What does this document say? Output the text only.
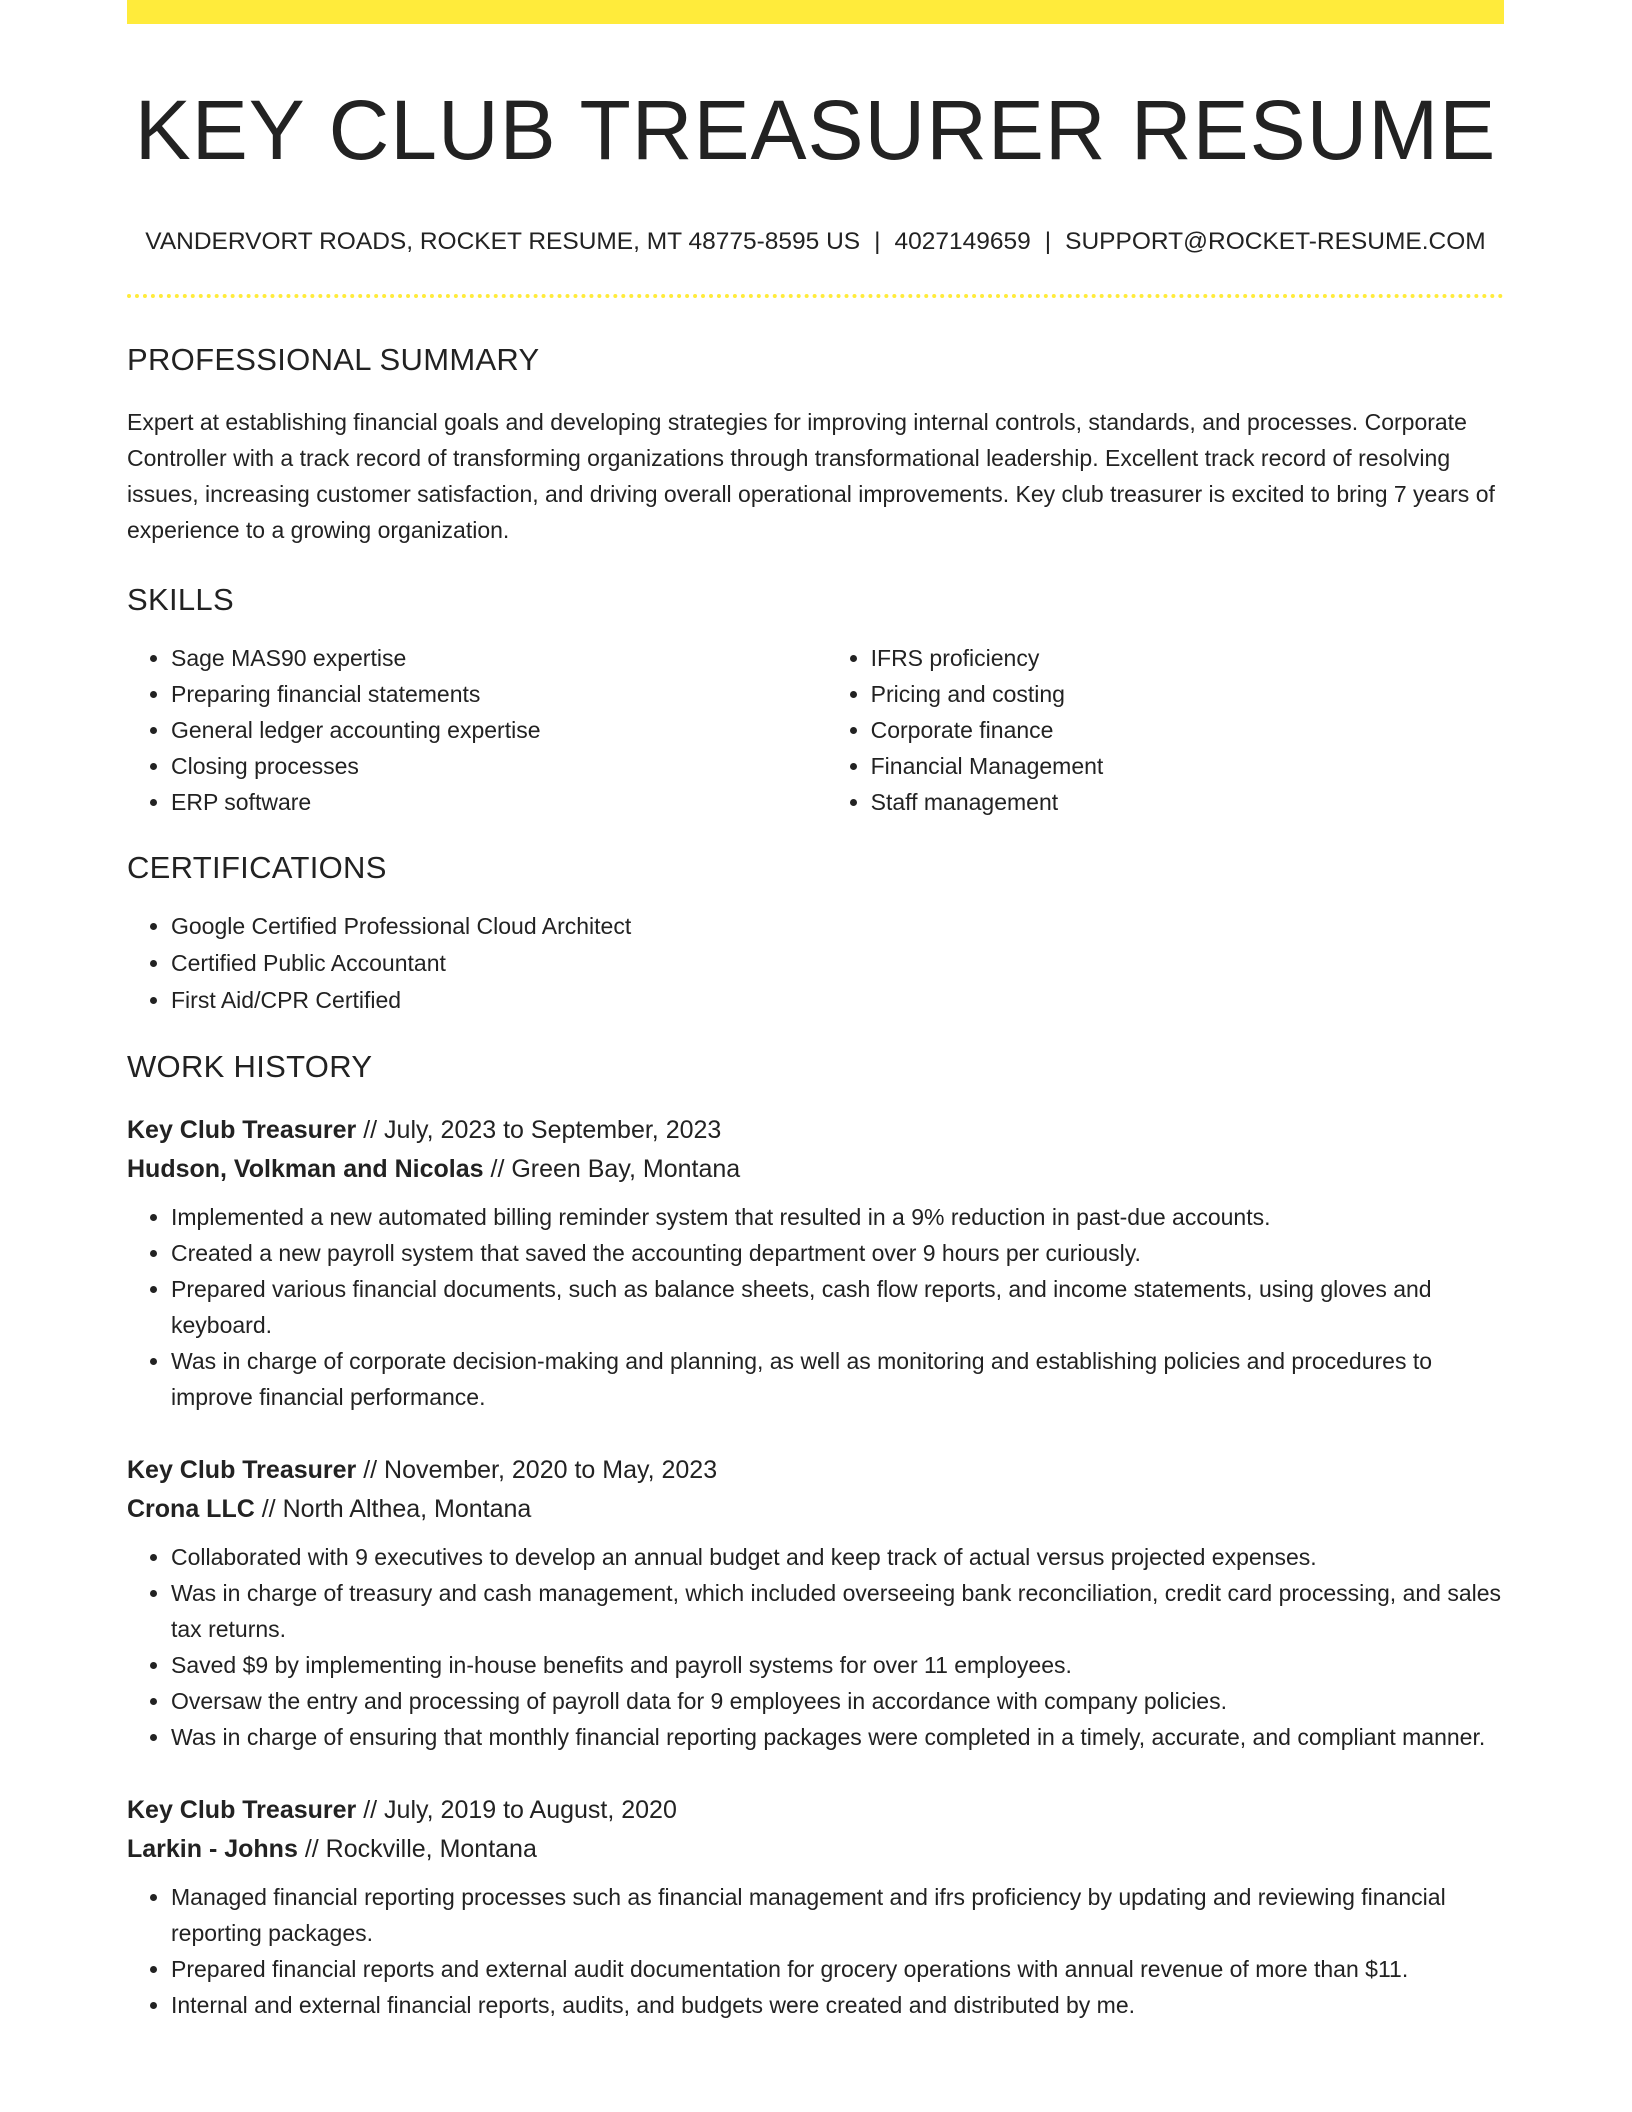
KEY CLUB TREASURER RESUME
VANDERVORT ROADS, ROCKET RESUME, MT 48775-8595 US | 4027149659 | SUPPORT@ROCKET-RESUME.COM
PROFESSIONAL SUMMARY
Expert at establishing financial goals and developing strategies for improving internal controls, standards, and processes. Corporate Controller with a track record of transforming organizations through transformational leadership. Excellent track record of resolving issues, increasing customer satisfaction, and driving overall operational improvements. Key club treasurer is excited to bring 7 years of experience to a growing organization.
SKILLS
• Sage MAS90 expertise
• Preparing financial statements
• General ledger accounting expertise
• Closing processes
• ERP software
• IFRS proficiency
• Pricing and costing
• Corporate finance
• Financial Management
• Staff management
CERTIFICATIONS
• Google Certified Professional Cloud Architect
• Certified Public Accountant
• First Aid/CPR Certified
WORK HISTORY
Key Club Treasurer // July, 2023 to September, 2023
Hudson, Volkman and Nicolas // Green Bay, Montana
• Implemented a new automated billing reminder system that resulted in a 9% reduction in past-due accounts.
• Created a new payroll system that saved the accounting department over 9 hours per curiously.
• Prepared various financial documents, such as balance sheets, cash flow reports, and income statements, using gloves and keyboard.
• Was in charge of corporate decision-making and planning, as well as monitoring and establishing policies and procedures to improve financial performance.
Key Club Treasurer // November, 2020 to May, 2023
Crona LLC // North Althea, Montana
• Collaborated with 9 executives to develop an annual budget and keep track of actual versus projected expenses.
• Was in charge of treasury and cash management, which included overseeing bank reconciliation, credit card processing, and sales tax returns.
• Saved $9 by implementing in-house benefits and payroll systems for over 11 employees.
• Oversaw the entry and processing of payroll data for 9 employees in accordance with company policies.
• Was in charge of ensuring that monthly financial reporting packages were completed in a timely, accurate, and compliant manner.
Key Club Treasurer // July, 2019 to August, 2020
Larkin - Johns // Rockville, Montana
• Managed financial reporting processes such as financial management and ifrs proficiency by updating and reviewing financial reporting packages.
• Prepared financial reports and external audit documentation for grocery operations with annual revenue of more than $11.
• Internal and external financial reports, audits, and budgets were created and distributed by me.
